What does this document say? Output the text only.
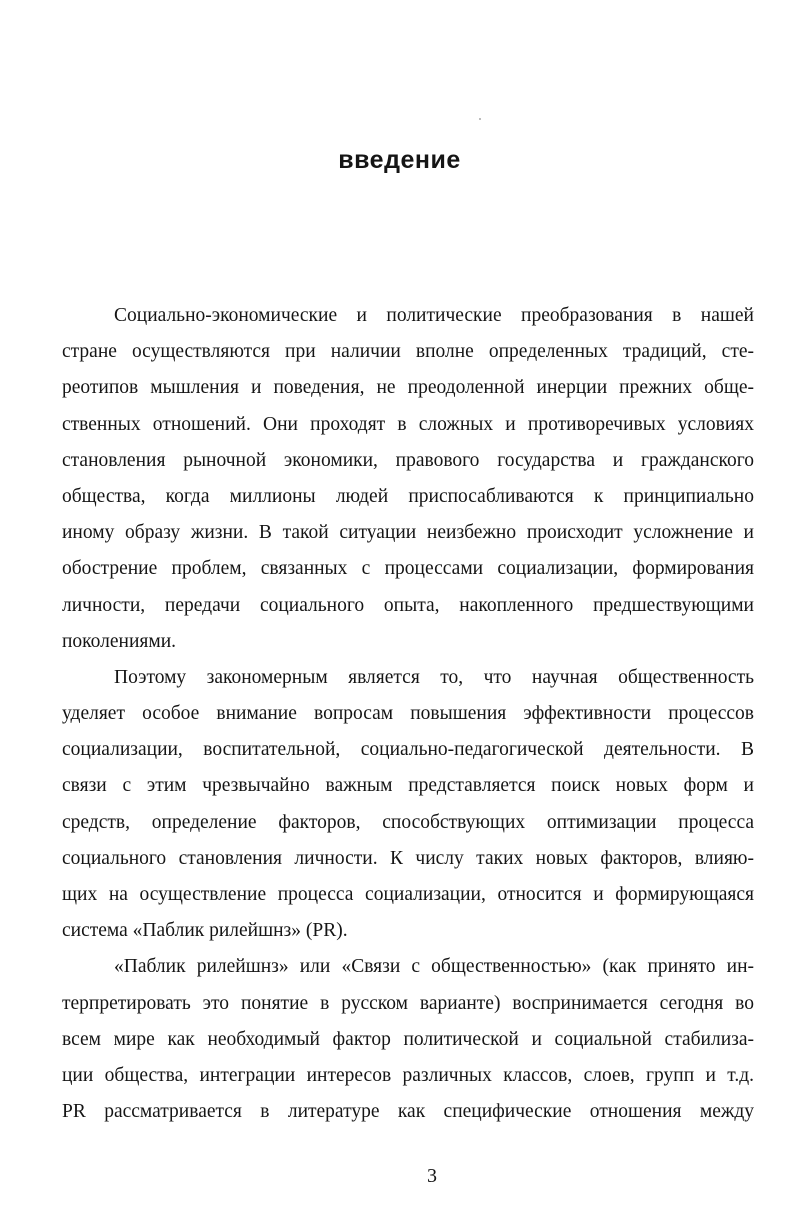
введение

Социально-экономические и политические преобразования в нашей
стране осуществляются при наличии вполне определенных традиций, сте-
реотипов мышления и поведения, не преодоленной инерции прежних обще-
ственных отношений. Они проходят в сложных и противоречивых условиях
становления рыночной экономики, правового государства и гражданского
общества, когда миллионы людей приспосабливаются к принципиально
иному образу жизни. В такой ситуации неизбежно происходит усложнение и
обострение проблем, связанных с процессами социализации, формирования
личности, передачи социального опыта, накопленного предшествующими
поколениями.

Поэтому закономерным является то, что научная общественность
уделяет особое внимание вопросам повышения эффективности процессов
социализации, воспитательной, социально-педагогической деятельности. В
связи с этим чрезвычайно важным представляется поиск новых форм и
средств, определение факторов, способствующих оптимизации процесса
социального становления личности. К числу таких новых факторов, влияю-
щих на осуществление процесса социализации, относится и формирующаяся
система «Паблик рилейшнз» (PR).

«Паблик рилейшнз» или «Связи с общественностью» (как принято ин-
терпретировать это понятие в русском варианте) воспринимается сегодня во
всем мире как необходимый фактор политической и социальной стабилиза-
ции общества, интеграции интересов различных классов, слоев, групп и т.д.
PR рассматривается в литературе как специфические отношения между

3
